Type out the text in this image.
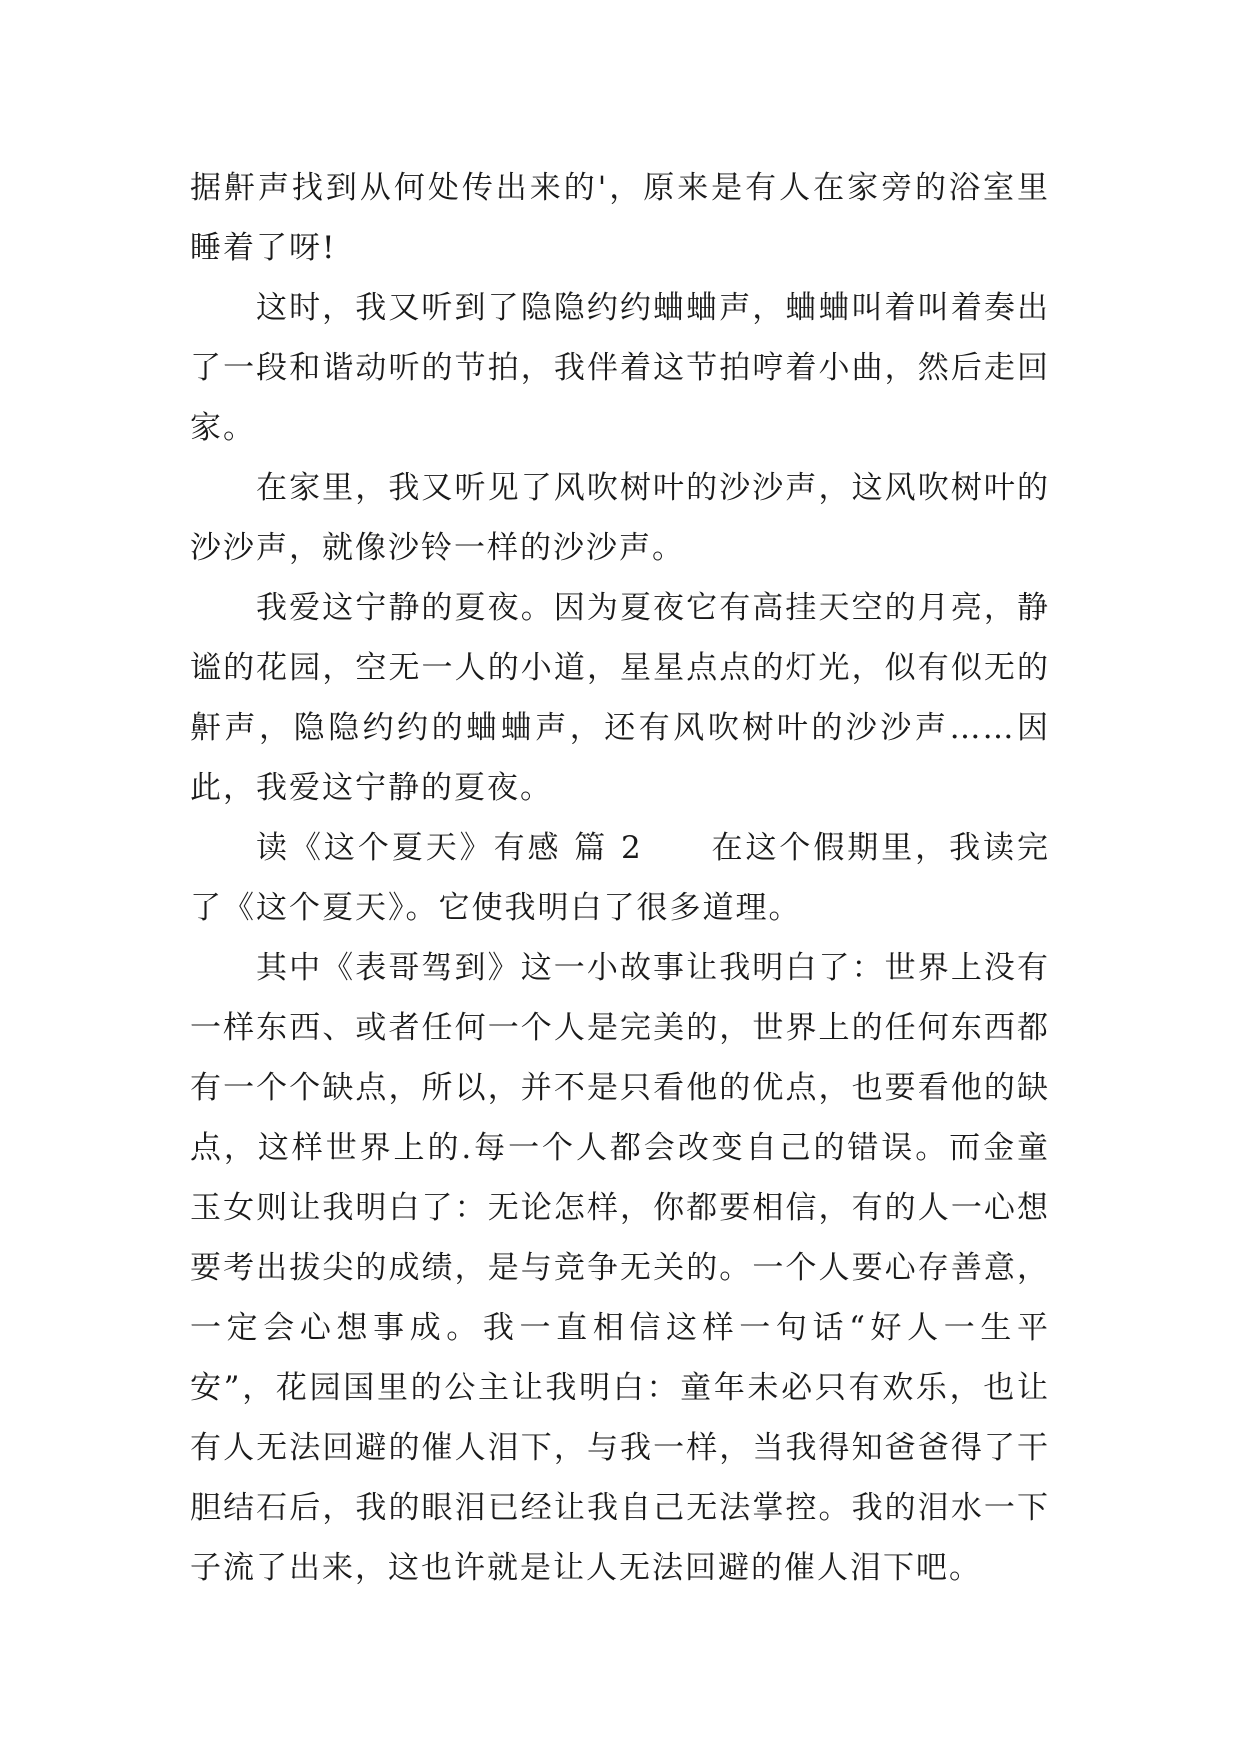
据鼾声找到从何处传出来的'，原来是有人在家旁的浴室里睡着了呀!

这时，我又听到了隐隐约约蛐蛐声，蛐蛐叫着叫着奏出了一段和谐动听的节拍，我伴着这节拍哼着小曲，然后走回家。

在家里，我又听见了风吹树叶的沙沙声，这风吹树叶的沙沙声，就像沙铃一样的沙沙声。

我爱这宁静的夏夜。因为夏夜它有高挂天空的月亮，静谧的花园，空无一人的小道，星星点点的灯光，似有似无的鼾声，隐隐约约的蛐蛐声，还有风吹树叶的沙沙声……因此，我爱这宁静的夏夜。

读《这个夏天》有感 篇 2　　在这个假期里，我读完了《这个夏天》。它使我明白了很多道理。

其中《表哥驾到》这一小故事让我明白了：世界上没有一样东西、或者任何一个人是完美的，世界上的任何东西都有一个个缺点，所以，并不是只看他的优点，也要看他的缺点，这样世界上的.每一个人都会改变自己的错误。而金童玉女则让我明白了：无论怎样，你都要相信，有的人一心想要考出拔尖的成绩，是与竞争无关的。一个人要心存善意，一定会心想事成。我一直相信这样一句话“好人一生平安”，花园国里的公主让我明白：童年未必只有欢乐，也让有人无法回避的催人泪下，与我一样，当我得知爸爸得了干胆结石后，我的眼泪已经让我自己无法掌控。我的泪水一下子流了出来，这也许就是让人无法回避的催人泪下吧。
